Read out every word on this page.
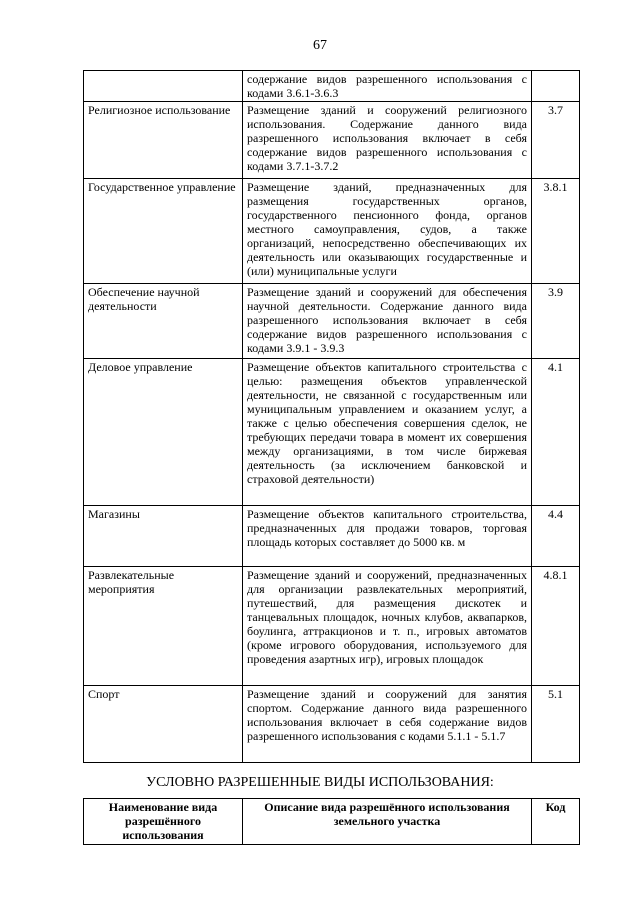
67
	содержание видов разрешенного использования с кодами 3.6.1-3.6.3	
Религиозное использование	Размещение зданий и сооружений религиозного использования. Содержание данного вида разрешенного использования включает в себя содержание видов разрешенного использования с кодами 3.7.1-3.7.2	3.7
Государственное управление	Размещение зданий, предназначенных для размещения государственных органов, государственного пенсионного фонда, органов местного самоуправления, судов, а также организаций, непосредственно обеспечивающих их деятельность или оказывающих государственные и (или) муниципальные услуги	3.8.1
Обеспечение научной деятельности	Размещение зданий и сооружений для обеспечения научной деятельности. Содержание данного вида разрешенного использования включает в себя содержание видов разрешенного использования с кодами 3.9.1 - 3.9.3	3.9
Деловое управление	Размещение объектов капитального строительства с целью: размещения объектов управленческой деятельности, не связанной с государственным или муниципальным управлением и оказанием услуг, а также с целью обеспечения совершения сделок, не требующих передачи товара в момент их совершения между организациями, в том числе биржевая деятельность (за исключением банковской и страховой деятельности)	4.1
Магазины	Размещение объектов капитального строительства, предназначенных для продажи товаров, торговая площадь которых составляет до 5000 кв. м	4.4
Развлекательные мероприятия	Размещение зданий и сооружений, предназначенных для организации развлекательных мероприятий, путешествий, для размещения дискотек и танцевальных площадок, ночных клубов, аквапарков, боулинга, аттракционов и т. п., игровых автоматов (кроме игрового оборудования, используемого для проведения азартных игр), игровых площадок	4.8.1
Спорт	Размещение зданий и сооружений для занятия спортом. Содержание данного вида разрешенного использования включает в себя содержание видов разрешенного использования с кодами 5.1.1 - 5.1.7	5.1
УСЛОВНО РАЗРЕШЕННЫЕ ВИДЫ ИСПОЛЬЗОВАНИЯ:
Наименование вида разрешённого использования	Описание вида разрешённого использования земельного участка	Код
